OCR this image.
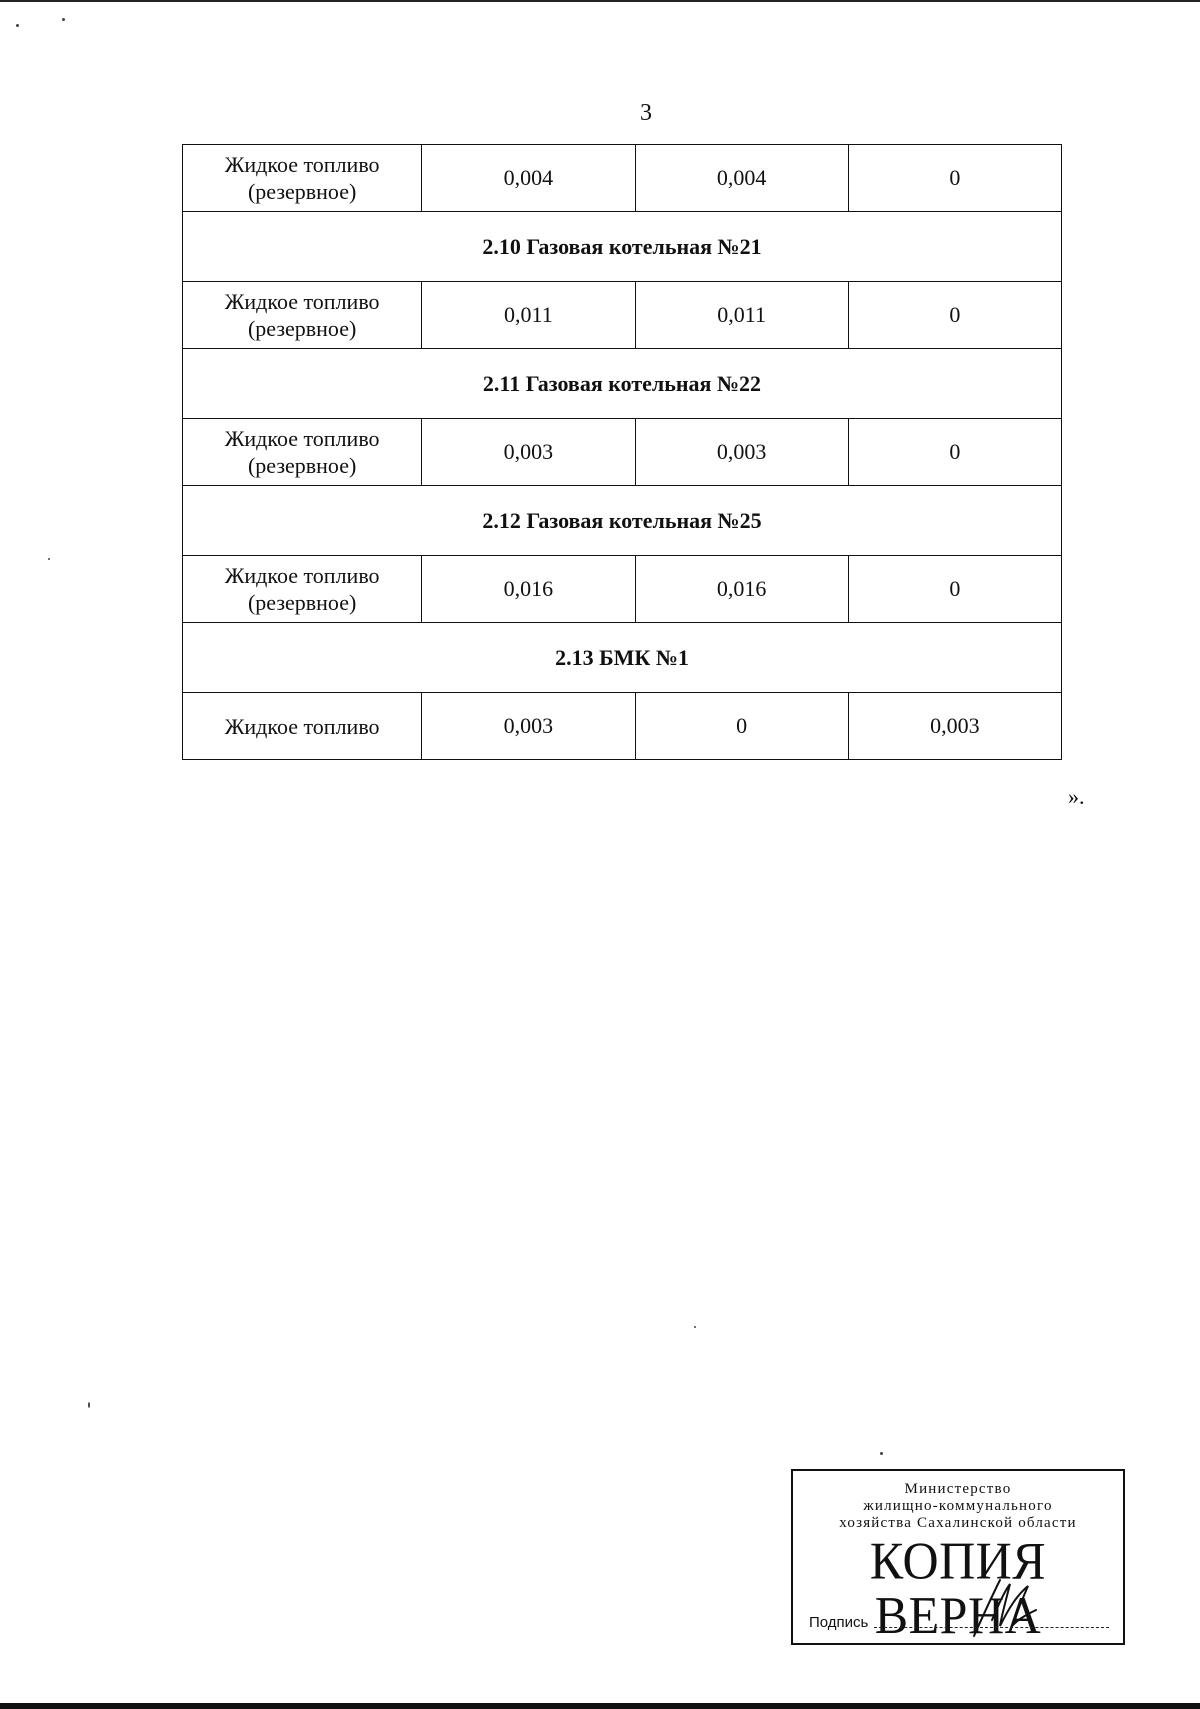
3
Жидкое топливо
(резервное)	0,004	0,004	0
2.10 Газовая котельная №21			
Жидкое топливо
(резервное)	0,011	0,011	0
2.11 Газовая котельная №22			
Жидкое топливо
(резервное)	0,003	0,003	0
2.12 Газовая котельная №25			
Жидкое топливо
(резервное)	0,016	0,016	0
2.13 БМК №1			
Жидкое топливо	0,003	0	0,003
».
Министерство
жилищно-коммунального
хозяйства Сахалинской области
КОПИЯ ВЕРНА
Подпись
